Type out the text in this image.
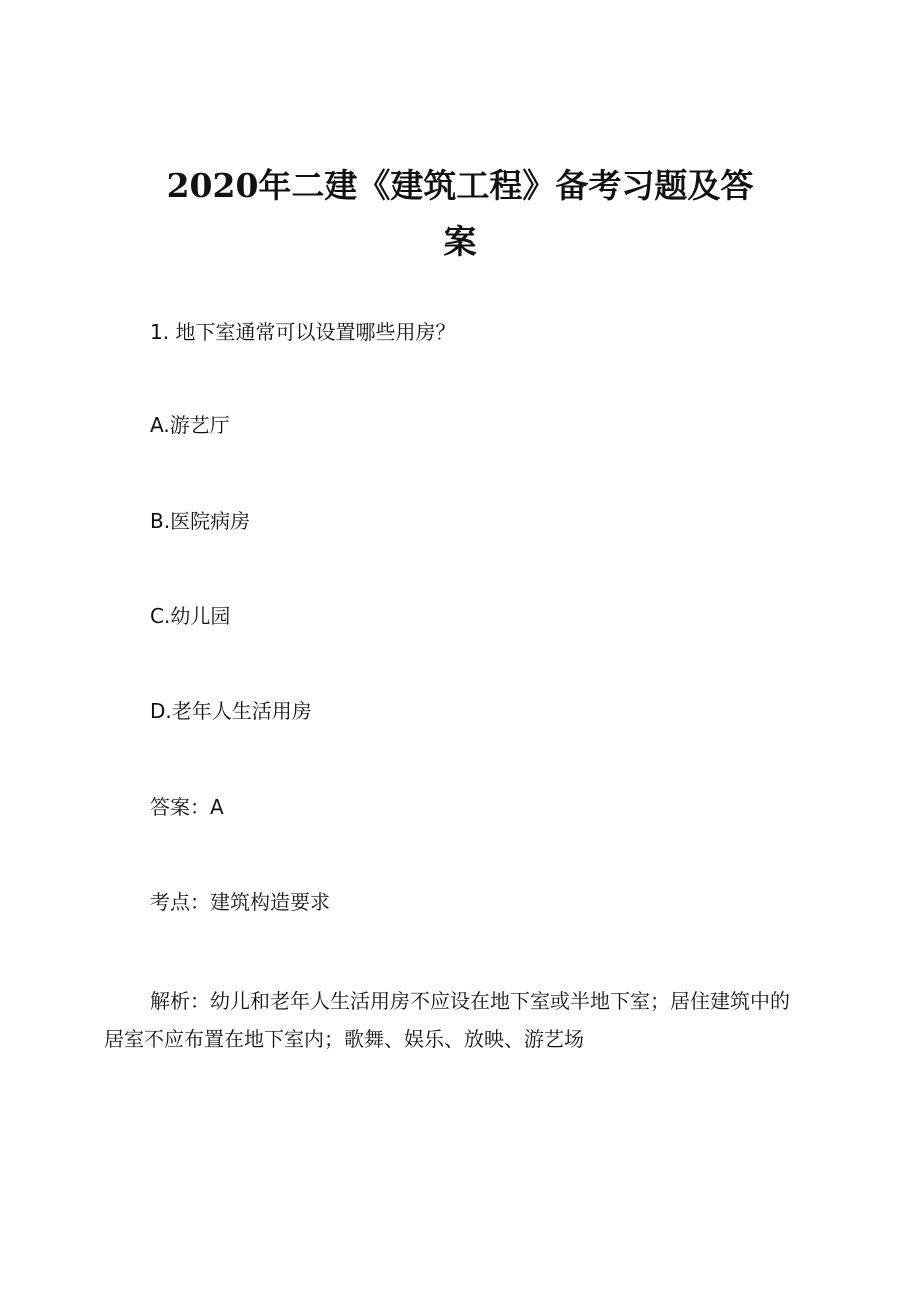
2020年二建《建筑工程》备考习题及答
案
1. 地下室通常可以设置哪些用房？
A.游艺厅
B.医院病房
C.幼儿园
D.老年人生活用房
答案：A
考点：建筑构造要求

解析：幼儿和老年人生活用房不应设在地下室或半地下室；居住建筑中的居室不应布置在地下室内；歌舞、娱乐、放映、游艺场
